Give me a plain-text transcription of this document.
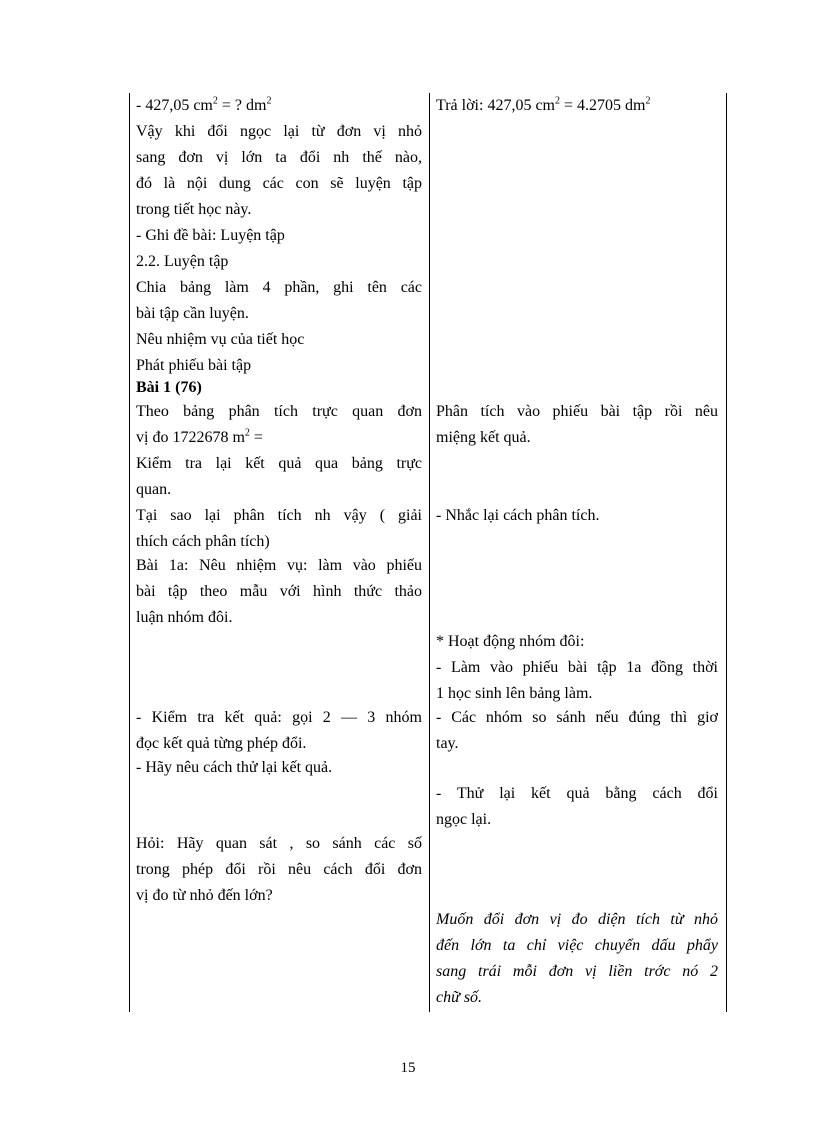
- 427,05 $cm^2$ = ? $dm^2$
Vậy khi đổi ngọc lại từ đơn vị nhỏ
sang đơn vị lớn ta đổi nh thế nào,
đó là nội dung các con sẽ luyện tập
trong tiết học này.
- Ghi đề bài: Luyện tập
2.2. Luyện tập
Chia bảng làm 4 phần, ghi tên các
bài tập cần luyện.
Nêu nhiệm vụ của tiết học
Phát phiếu bài tập
Bài 1 (76)
Theo bảng phân tích trực quan đơn
vị đo 1722678 $m^2$ =
Kiểm tra lại kết quả qua bảng trực
quan.
Tại sao lại phân tích nh vậy ( giải
thích cách phân tích)
Bài 1a: Nêu nhiệm vụ: làm vào phiếu
bài tập theo mẫu với hình thức thảo
luận nhóm đôi.
- Kiểm tra kết quả: gọi 2 — 3 nhóm
đọc kết quả từng phép đổi.
- Hãy nêu cách thử lại kết quả.
Hỏi: Hãy quan sát , so sánh các số
trong phép đổi rồi nêu cách đổi đơn
vị đo từ nhỏ đến lớn?
Trả lời: 427,05 $cm^2 = 4.2705$ $dm^2$
Phân tích vào phiếu bài tập rồi nêu
miệng kết quả.
- Nhắc lại cách phân tích.
* Hoạt động nhóm đôi:
- Làm vào phiếu bài tập 1a đồng thời
1 học sinh lên bảng làm.
- Các nhóm so sánh nếu đúng thì giơ
tay.
- Thử lại kết quả bằng cách đổi
ngọc lại.
Muốn đổi đơn vị đo diện tích từ nhỏ
đến lớn ta chỉ việc chuyển dấu phẩy
sang trái mỗi đơn vị liền trớc nó 2
chữ số.
15
